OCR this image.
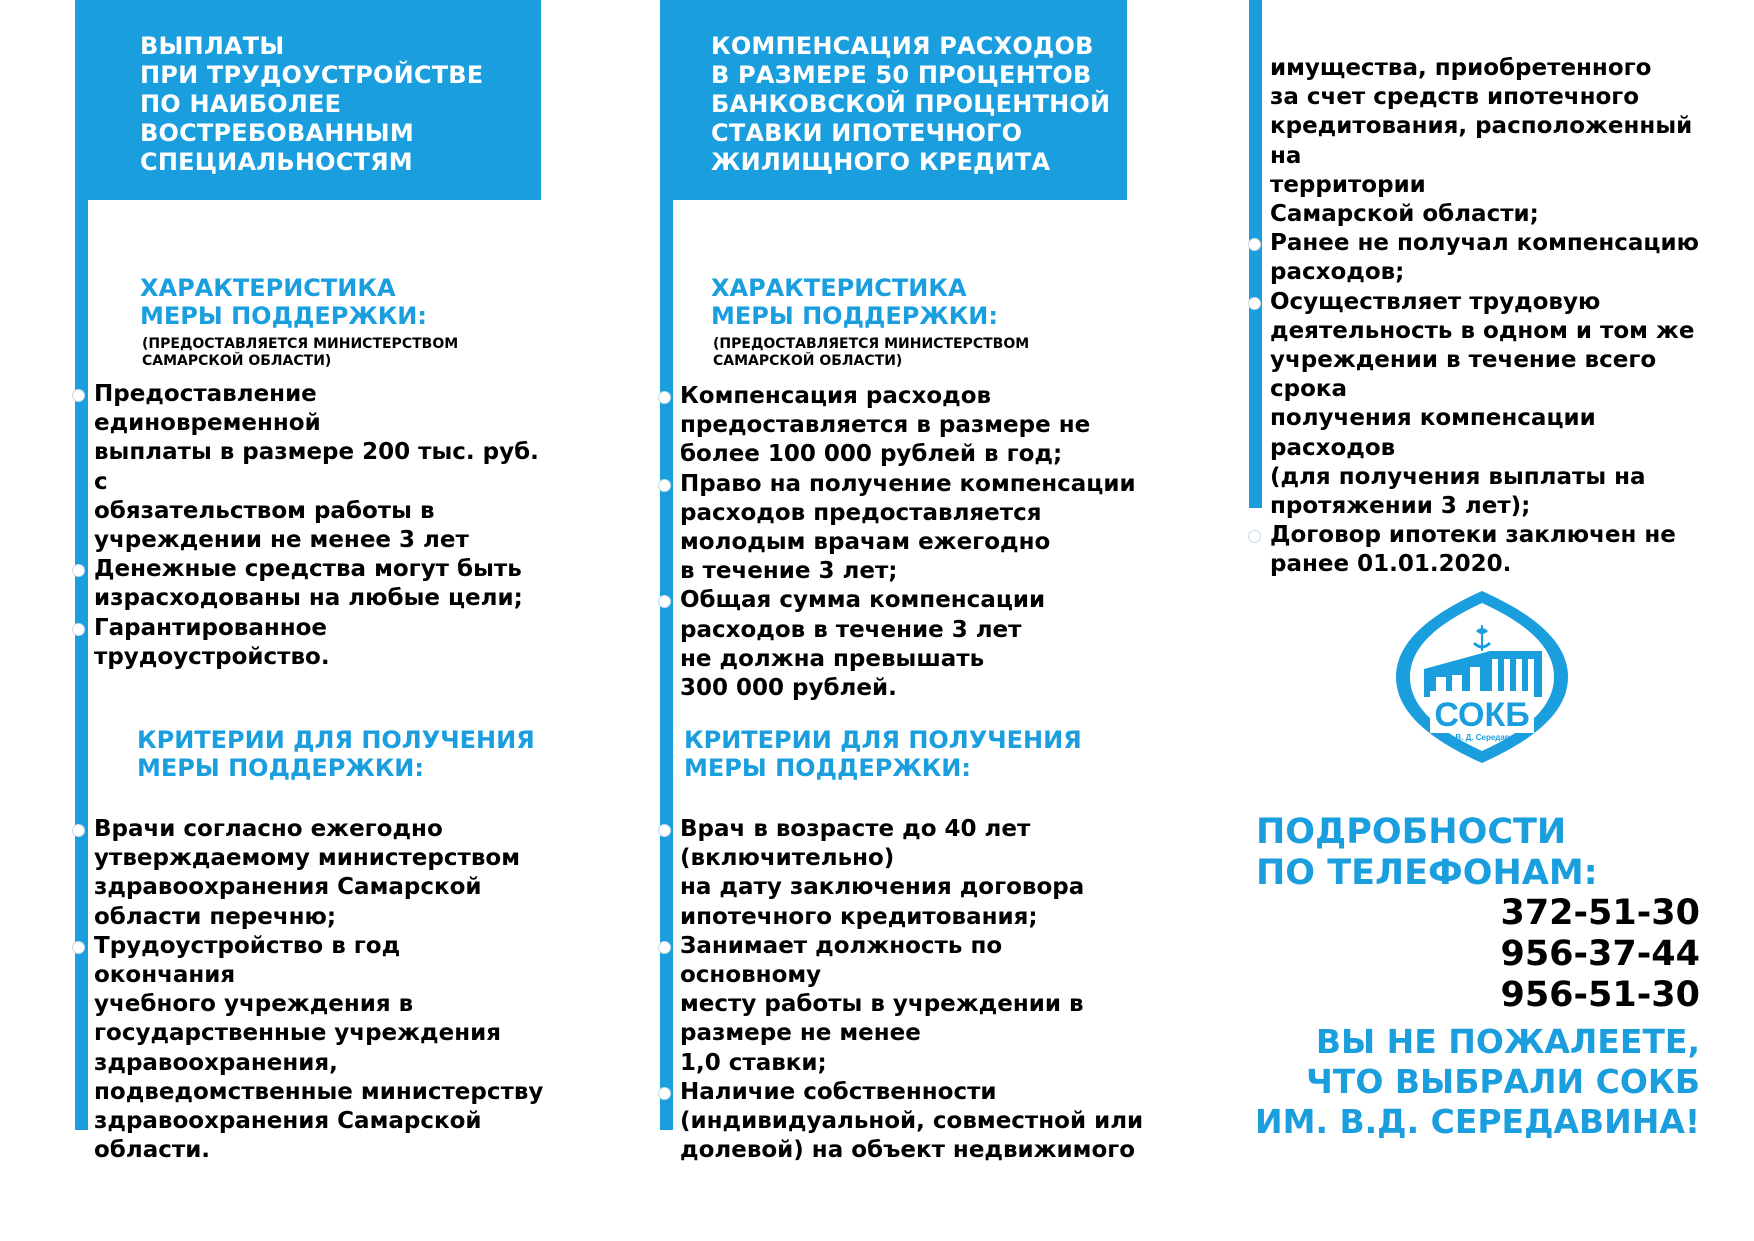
ВЫПЛАТЫ
ПРИ ТРУДОУСТРОЙСТВЕ
ПО НАИБОЛЕЕ
ВОСТРЕБОВАННЫМ
СПЕЦИАЛЬНОСТЯМ
ХАРАКТЕРИСТИКА
МЕРЫ ПОДДЕРЖКИ:
(ПРЕДОСТАВЛЯЕТСЯ МИНИСТЕРСТВОМ
САМАРСКОЙ ОБЛАСТИ)
Предоставление единовременной
выплаты в размере 200 тыс. руб. с
обязательством работы в
учреждении не менее 3 лет
Денежные средства могут быть
израсходованы на любые цели;
Гарантированное трудоустройство.
КРИТЕРИИ ДЛЯ ПОЛУЧЕНИЯ
МЕРЫ ПОДДЕРЖКИ:
Врачи согласно ежегодно
утверждаемому министерством
здравоохранения Самарской
области перечню;
Трудоустройство в год окончания
учебного учреждения в
государственные учреждения
здравоохранения,
подведомственные министерству
здравоохранения Самарской
области.
КОМПЕНСАЦИЯ РАСХОДОВ
В РАЗМЕРЕ 50 ПРОЦЕНТОВ
БАНКОВСКОЙ ПРОЦЕНТНОЙ
СТАВКИ ИПОТЕЧНОГО
ЖИЛИЩНОГО КРЕДИТА
ХАРАКТЕРИСТИКА
МЕРЫ ПОДДЕРЖКИ:
(ПРЕДОСТАВЛЯЕТСЯ МИНИСТЕРСТВОМ
САМАРСКОЙ ОБЛАСТИ)
Компенсация расходов
предоставляется в размере не
более 100 000 рублей в год;
Право на получение компенсации
расходов предоставляется
молодым врачам ежегодно
в течение 3 лет;
Общая сумма компенсации
расходов в течение 3 лет
не должна превышать
300 000 рублей.
КРИТЕРИИ ДЛЯ ПОЛУЧЕНИЯ
МЕРЫ ПОДДЕРЖКИ:
Врач в возрасте до 40 лет
(включительно)
на дату заключения договора
ипотечного кредитования;
Занимает должность по основному
месту работы в учреждении в
размере не менее
1,0 ставки;
Наличие собственности
(индивидуальной, совместной или
долевой) на объект недвижимого
имущества, приобретенного
за счет средств ипотечного
кредитования, расположенный на
территории
Самарской области;
Ранее не получал компенсацию
расходов;
Осуществляет трудовую
деятельность в одном и том же
учреждении в течение всего срока
получения компенсации расходов
(для получения выплаты на
протяжении 3 лет);
Договор ипотеки заключен не
ранее 01.01.2020.
СОКБ
им. В. Д. Середавина
ПОДРОБНОСТИ
ПО ТЕЛЕФОНАМ:
372-51-30
956-37-44
956-51-30
ВЫ НЕ ПОЖАЛЕЕТЕ,
ЧТО ВЫБРАЛИ СОКБ
ИМ. В.Д. СЕРЕДАВИНА!
